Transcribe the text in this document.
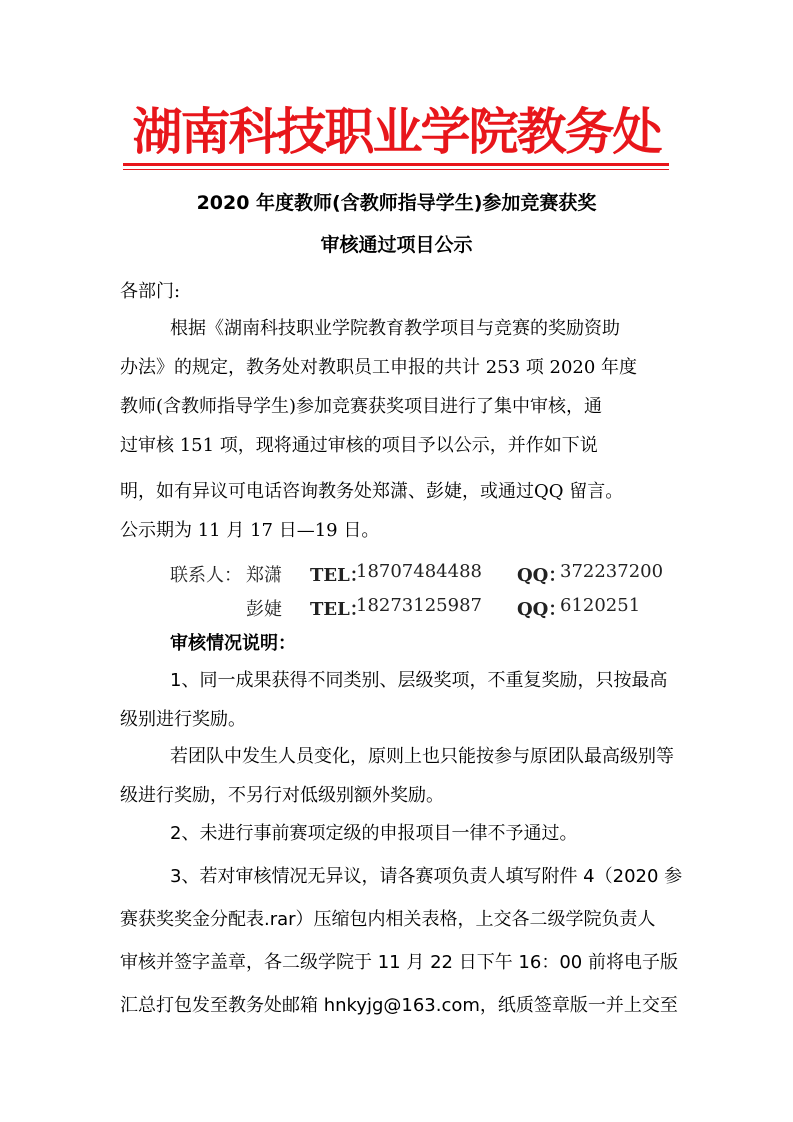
湖南科技职业学院教务处
2020 年度教师(含教师指导学生)参加竞赛获奖
审核通过项目公示
各部门:
根据《湖南科技职业学院教育教学项目与竞赛的奖励资助
办法》的规定，教务处对教职员工申报的共计 253 项 2020 年度
教师(含教师指导学生)参加竞赛获奖项目进行了集中审核，通
过审核 151 项，现将通过审核的项目予以公示，并作如下说
明，如有异议可电话咨询教务处郑潇、彭婕，或通过QQ 留言。
公示期为 11 月 17 日—19 日。
联系人： 郑潇 TEL：
18707484488 QQ：
372237200
彭婕 TEL：
18273125987 QQ：
6120251
审核情况说明：
1、同一成果获得不同类别、层级奖项，不重复奖励，只按最高
级别进行奖励。
若团队中发生人员变化，原则上也只能按参与原团队最高级别等
级进行奖励，不另行对低级别额外奖励。
2、未进行事前赛项定级的申报项目一律不予通过。
3、若对审核情况无异议，请各赛项负责人填写附件 4（2020 参
赛获奖奖金分配表.rar）压缩包内相关表格，上交各二级学院负责人
审核并签字盖章，各二级学院于 11 月 22 日下午 16：00 前将电子版
汇总打包发至教务处邮箱 hnkyjg@163.com，纸质签章版一并上交至
